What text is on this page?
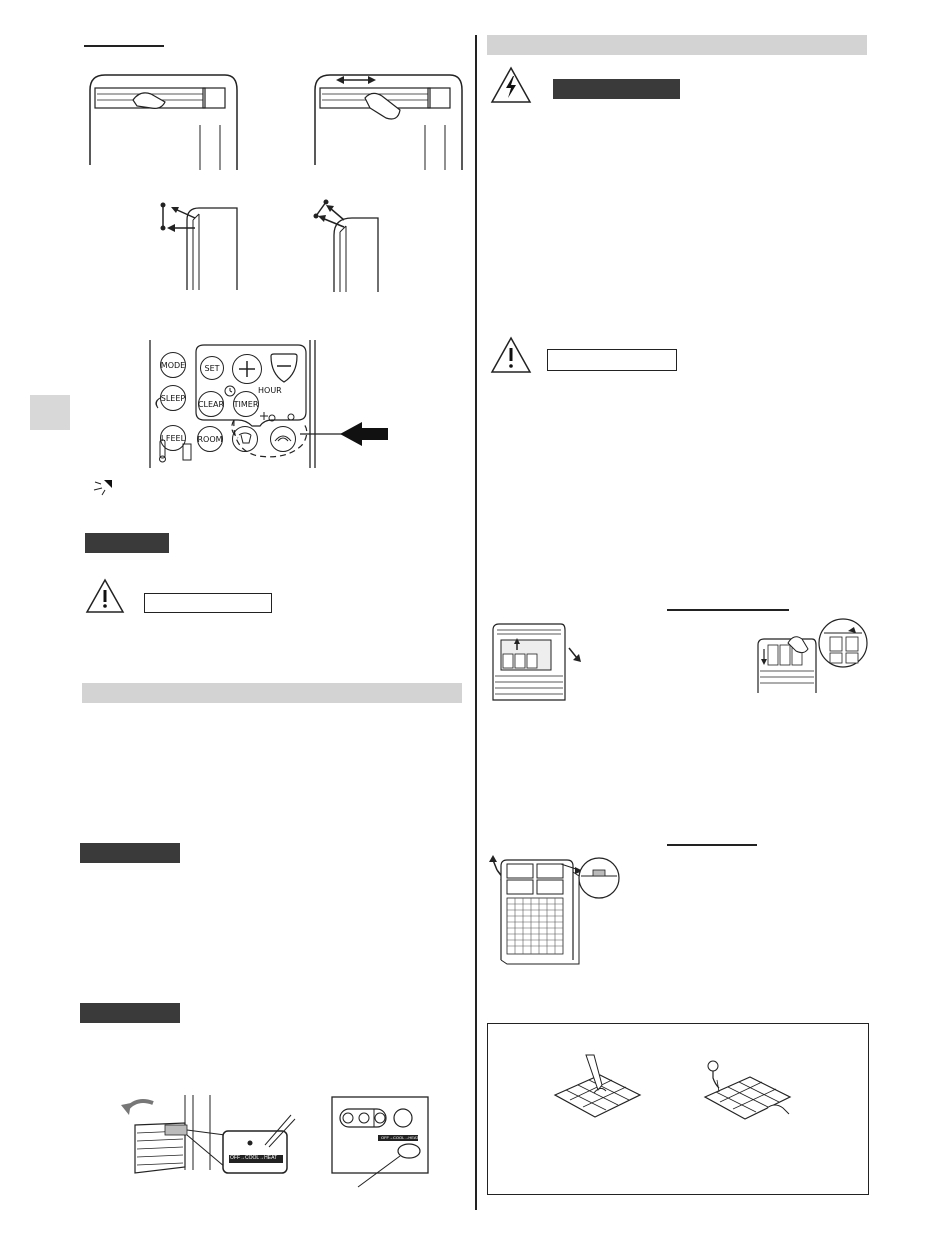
MODE
SLEEP
I.FEEL ROOM
SET
HOUR
CLEAR TIMER
OFF→COOL→HEAT
OFF→COOL→HEAT
